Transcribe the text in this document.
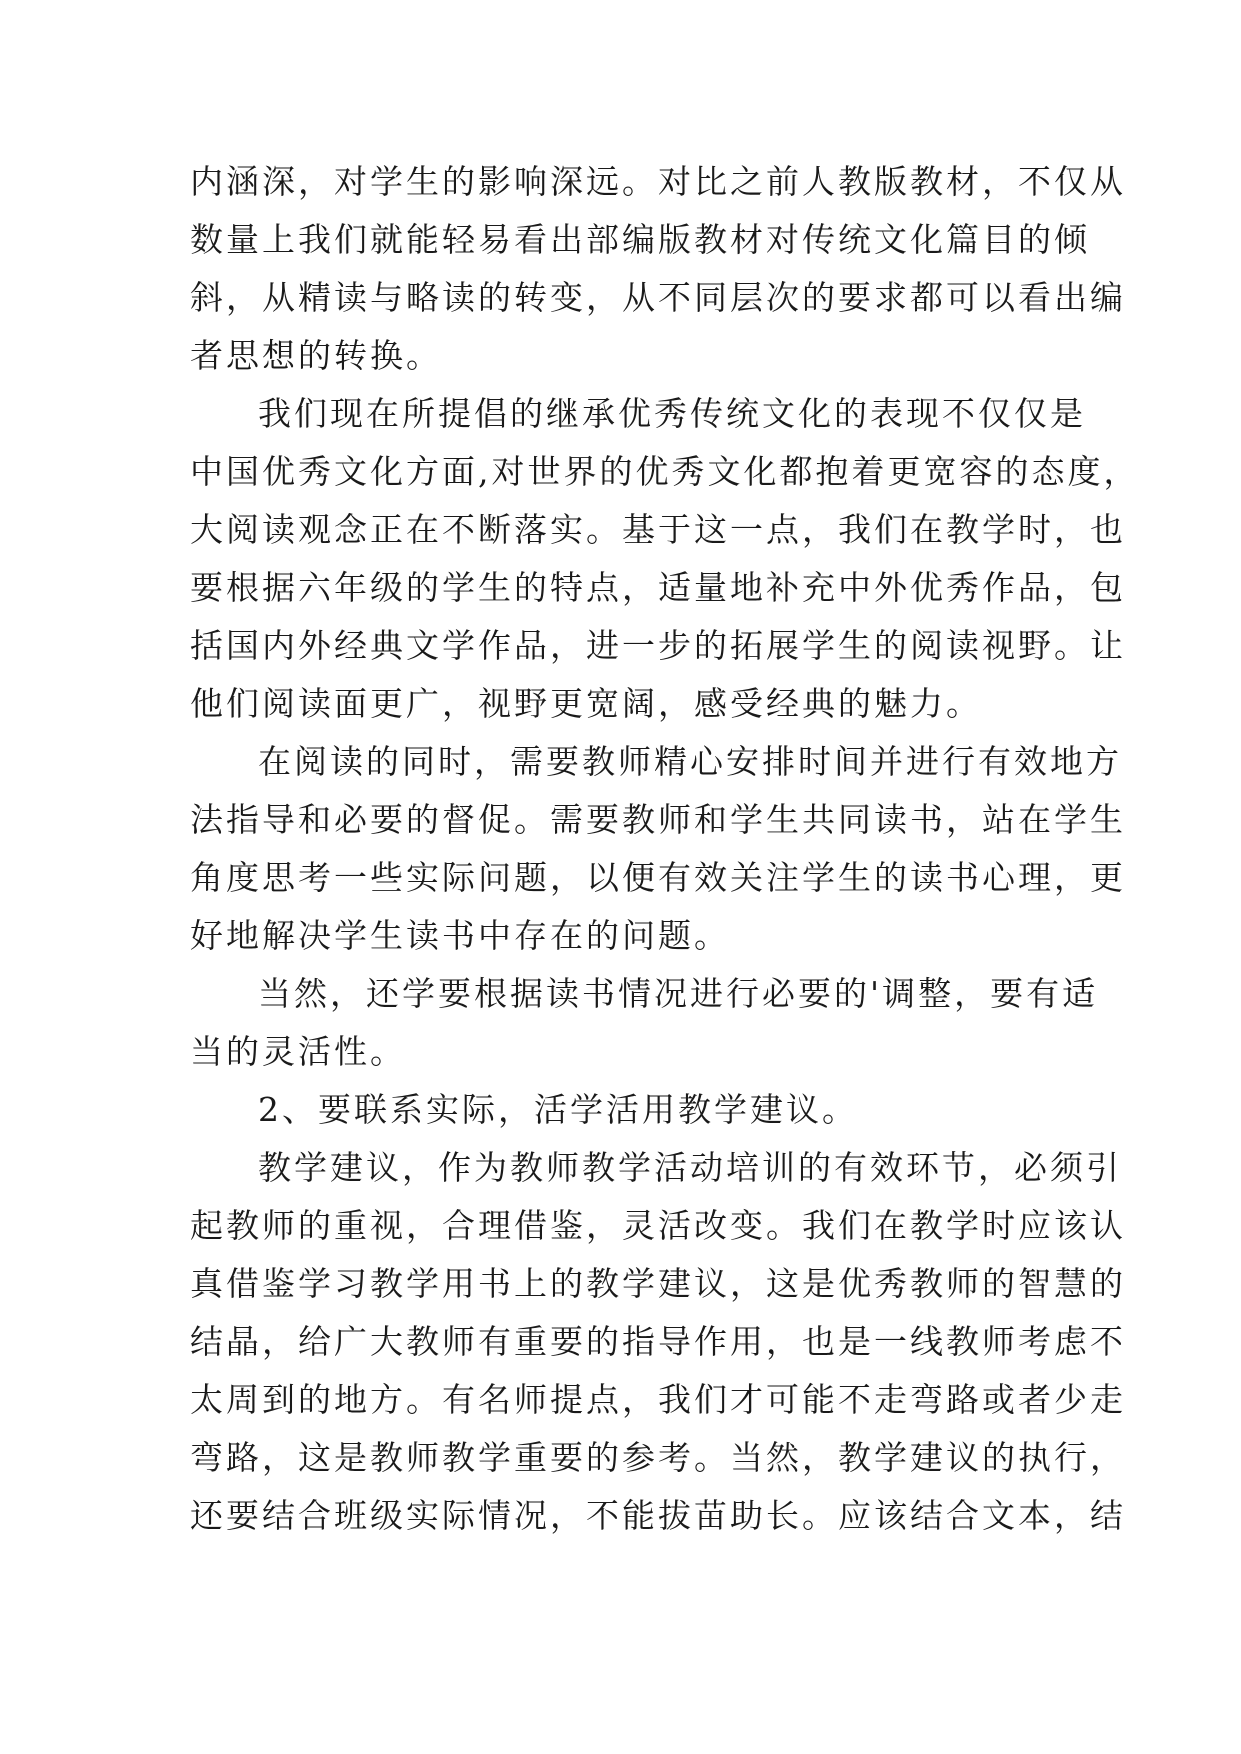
内涵深，对学生的影响深远。对比之前人教版教材，不仅从
数量上我们就能轻易看出部编版教材对传统文化篇目的倾
斜，从精读与略读的转变，从不同层次的要求都可以看出编
者思想的转换。
我们现在所提倡的继承优秀传统文化的表现不仅仅是
中国优秀文化方面,对世界的优秀文化都抱着更宽容的态度，
大阅读观念正在不断落实。基于这一点，我们在教学时，也
要根据六年级的学生的特点，适量地补充中外优秀作品，包
括国内外经典文学作品，进一步的拓展学生的阅读视野。让
他们阅读面更广，视野更宽阔，感受经典的魅力。
在阅读的同时，需要教师精心安排时间并进行有效地方
法指导和必要的督促。需要教师和学生共同读书，站在学生
角度思考一些实际问题，以便有效关注学生的读书心理，更
好地解决学生读书中存在的问题。
当然，还学要根据读书情况进行必要的'调整，要有适
当的灵活性。
2、要联系实际，活学活用教学建议。
教学建议，作为教师教学活动培训的有效环节，必须引
起教师的重视，合理借鉴，灵活改变。我们在教学时应该认
真借鉴学习教学用书上的教学建议，这是优秀教师的智慧的
结晶，给广大教师有重要的指导作用，也是一线教师考虑不
太周到的地方。有名师提点，我们才可能不走弯路或者少走
弯路，这是教师教学重要的参考。当然，教学建议的执行，
还要结合班级实际情况，不能拔苗助长。应该结合文本，结
